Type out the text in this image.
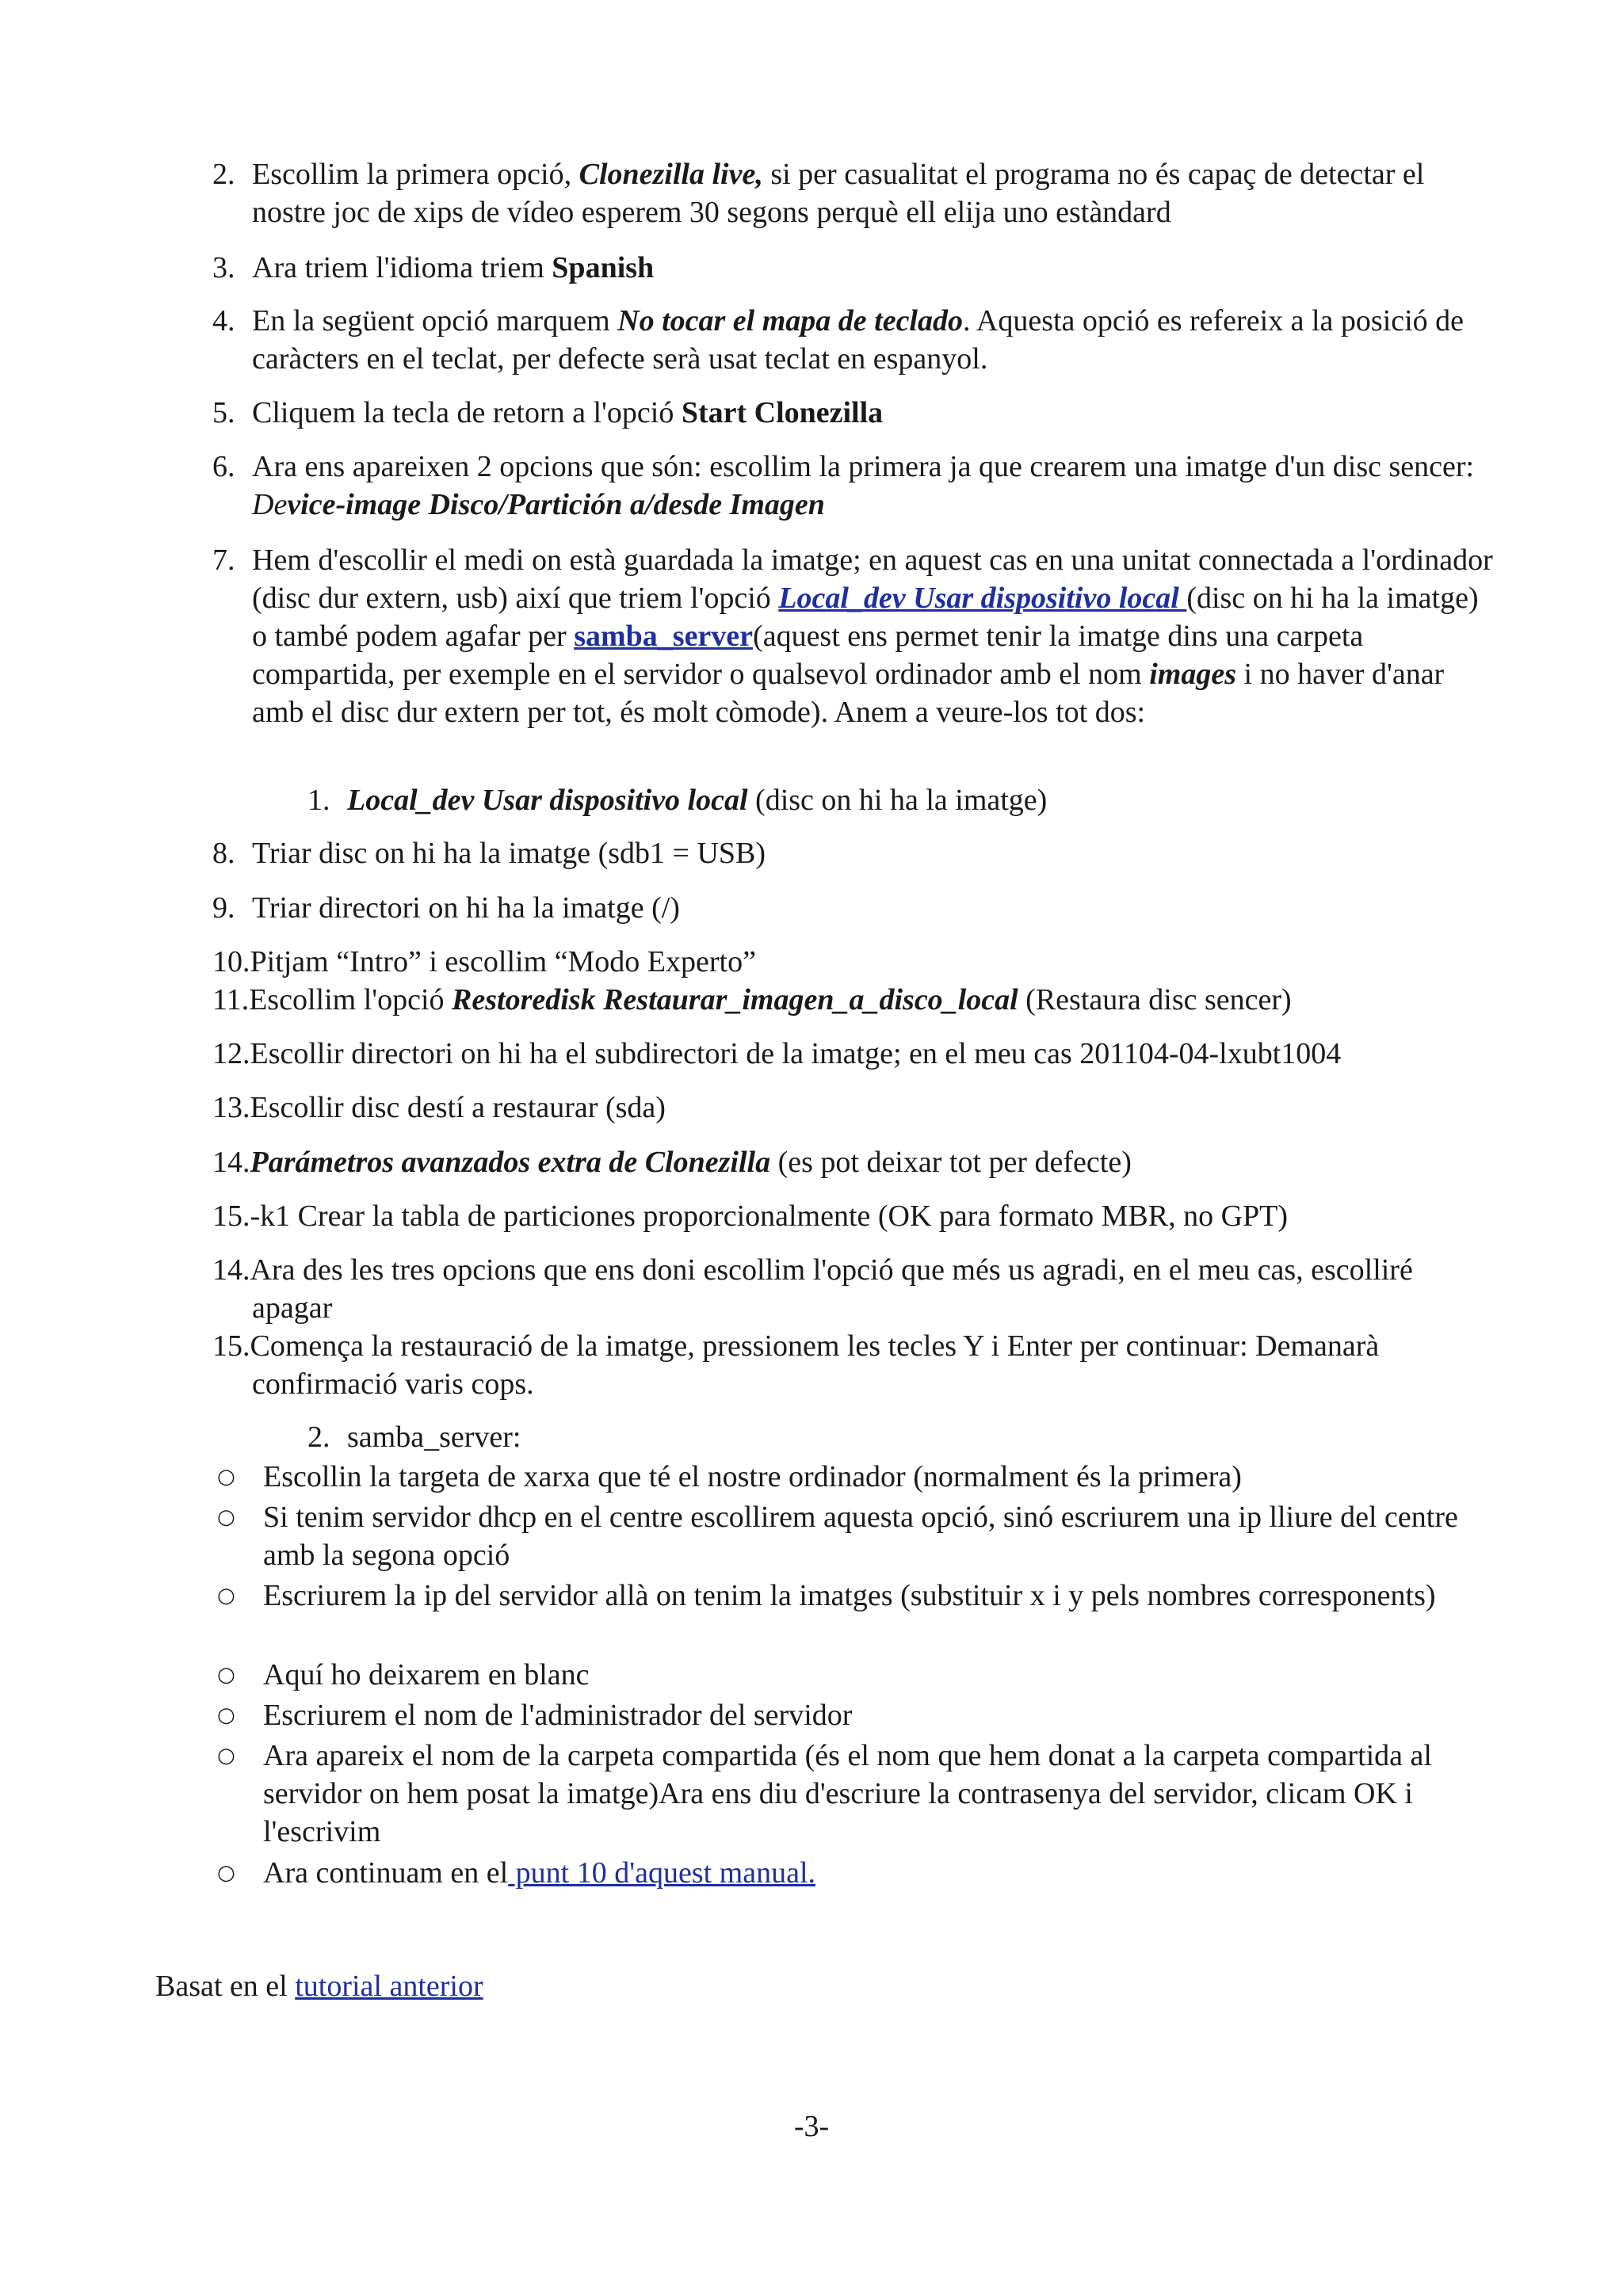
2. Escollim la primera opció, Clonezilla live, si per casualitat el programa no és capaç de detectar el nostre joc de xips de vídeo esperem 30 segons perquè ell elija uno estàndard
3. Ara triem l'idioma triem Spanish
4. En la següent opció marquem No tocar el mapa de teclado. Aquesta opció es refereix a la posició de caràcters en el teclat, per defecte serà usat teclat en espanyol.
5. Cliquem la tecla de retorn a l'opció Start Clonezilla
6. Ara ens apareixen 2 opcions que són: escollim la primera ja que crearem una imatge d'un disc sencer: Device-image Disco/Partición a/desde Imagen
7. Hem d'escollir el medi on està guardada la imatge; en aquest cas en una unitat connectada a l'ordinador (disc dur extern, usb) així que triem l'opció Local_dev Usar dispositivo local (disc on hi ha la imatge) o també podem agafar per samba_server(aquest ens permet tenir la imatge dins una carpeta compartida, per exemple en el servidor o qualsevol ordinador amb el nom images i no haver d'anar amb el disc dur extern per tot, és molt còmode). Anem a veure-los tot dos:
1. Local_dev Usar dispositivo local (disc on hi ha la imatge)
8. Triar disc on hi ha la imatge (sdb1 = USB)
9. Triar directori on hi ha la imatge (/)
10.Pitjam “Intro” i escollim “Modo Experto”
11.Escollim l'opció Restoredisk Restaurar_imagen_a_disco_local (Restaura disc sencer)
12.Escollir directori on hi ha el subdirectori de la imatge; en el meu cas 201104-04-lxubt1004
13.Escollir disc destí a restaurar (sda)
14.Parámetros avanzados extra de Clonezilla (es pot deixar tot per defecte)
15.-k1 Crear la tabla de particiones proporcionalmente (OK para formato MBR, no GPT)
14.Ara des les tres opcions que ens doni escollim l'opció que més us agradi, en el meu cas, escolliré apagar
15.Comença la restauració de la imatge, pressionem les tecles Y i Enter per continuar: Demanarà confirmació varis cops.
2. samba_server:
○ Escollin la targeta de xarxa que té el nostre ordinador (normalment és la primera)
○ Si tenim servidor dhcp en el centre escollirem aquesta opció, sinó escriurem una ip lliure del centre amb la segona opció
○ Escriurem la ip del servidor allà on tenim la imatges (substituir x i y pels nombres corresponents)
○ Aquí ho deixarem en blanc
○ Escriurem el nom de l'administrador del servidor
○ Ara apareix el nom de la carpeta compartida (és el nom que hem donat a la carpeta compartida al servidor on hem posat la imatge)Ara ens diu d'escriure la contrasenya del servidor, clicam OK i l'escrivim
○ Ara continuam en el punt 10 d'aquest manual.
Basat en el tutorial anterior
-3-
